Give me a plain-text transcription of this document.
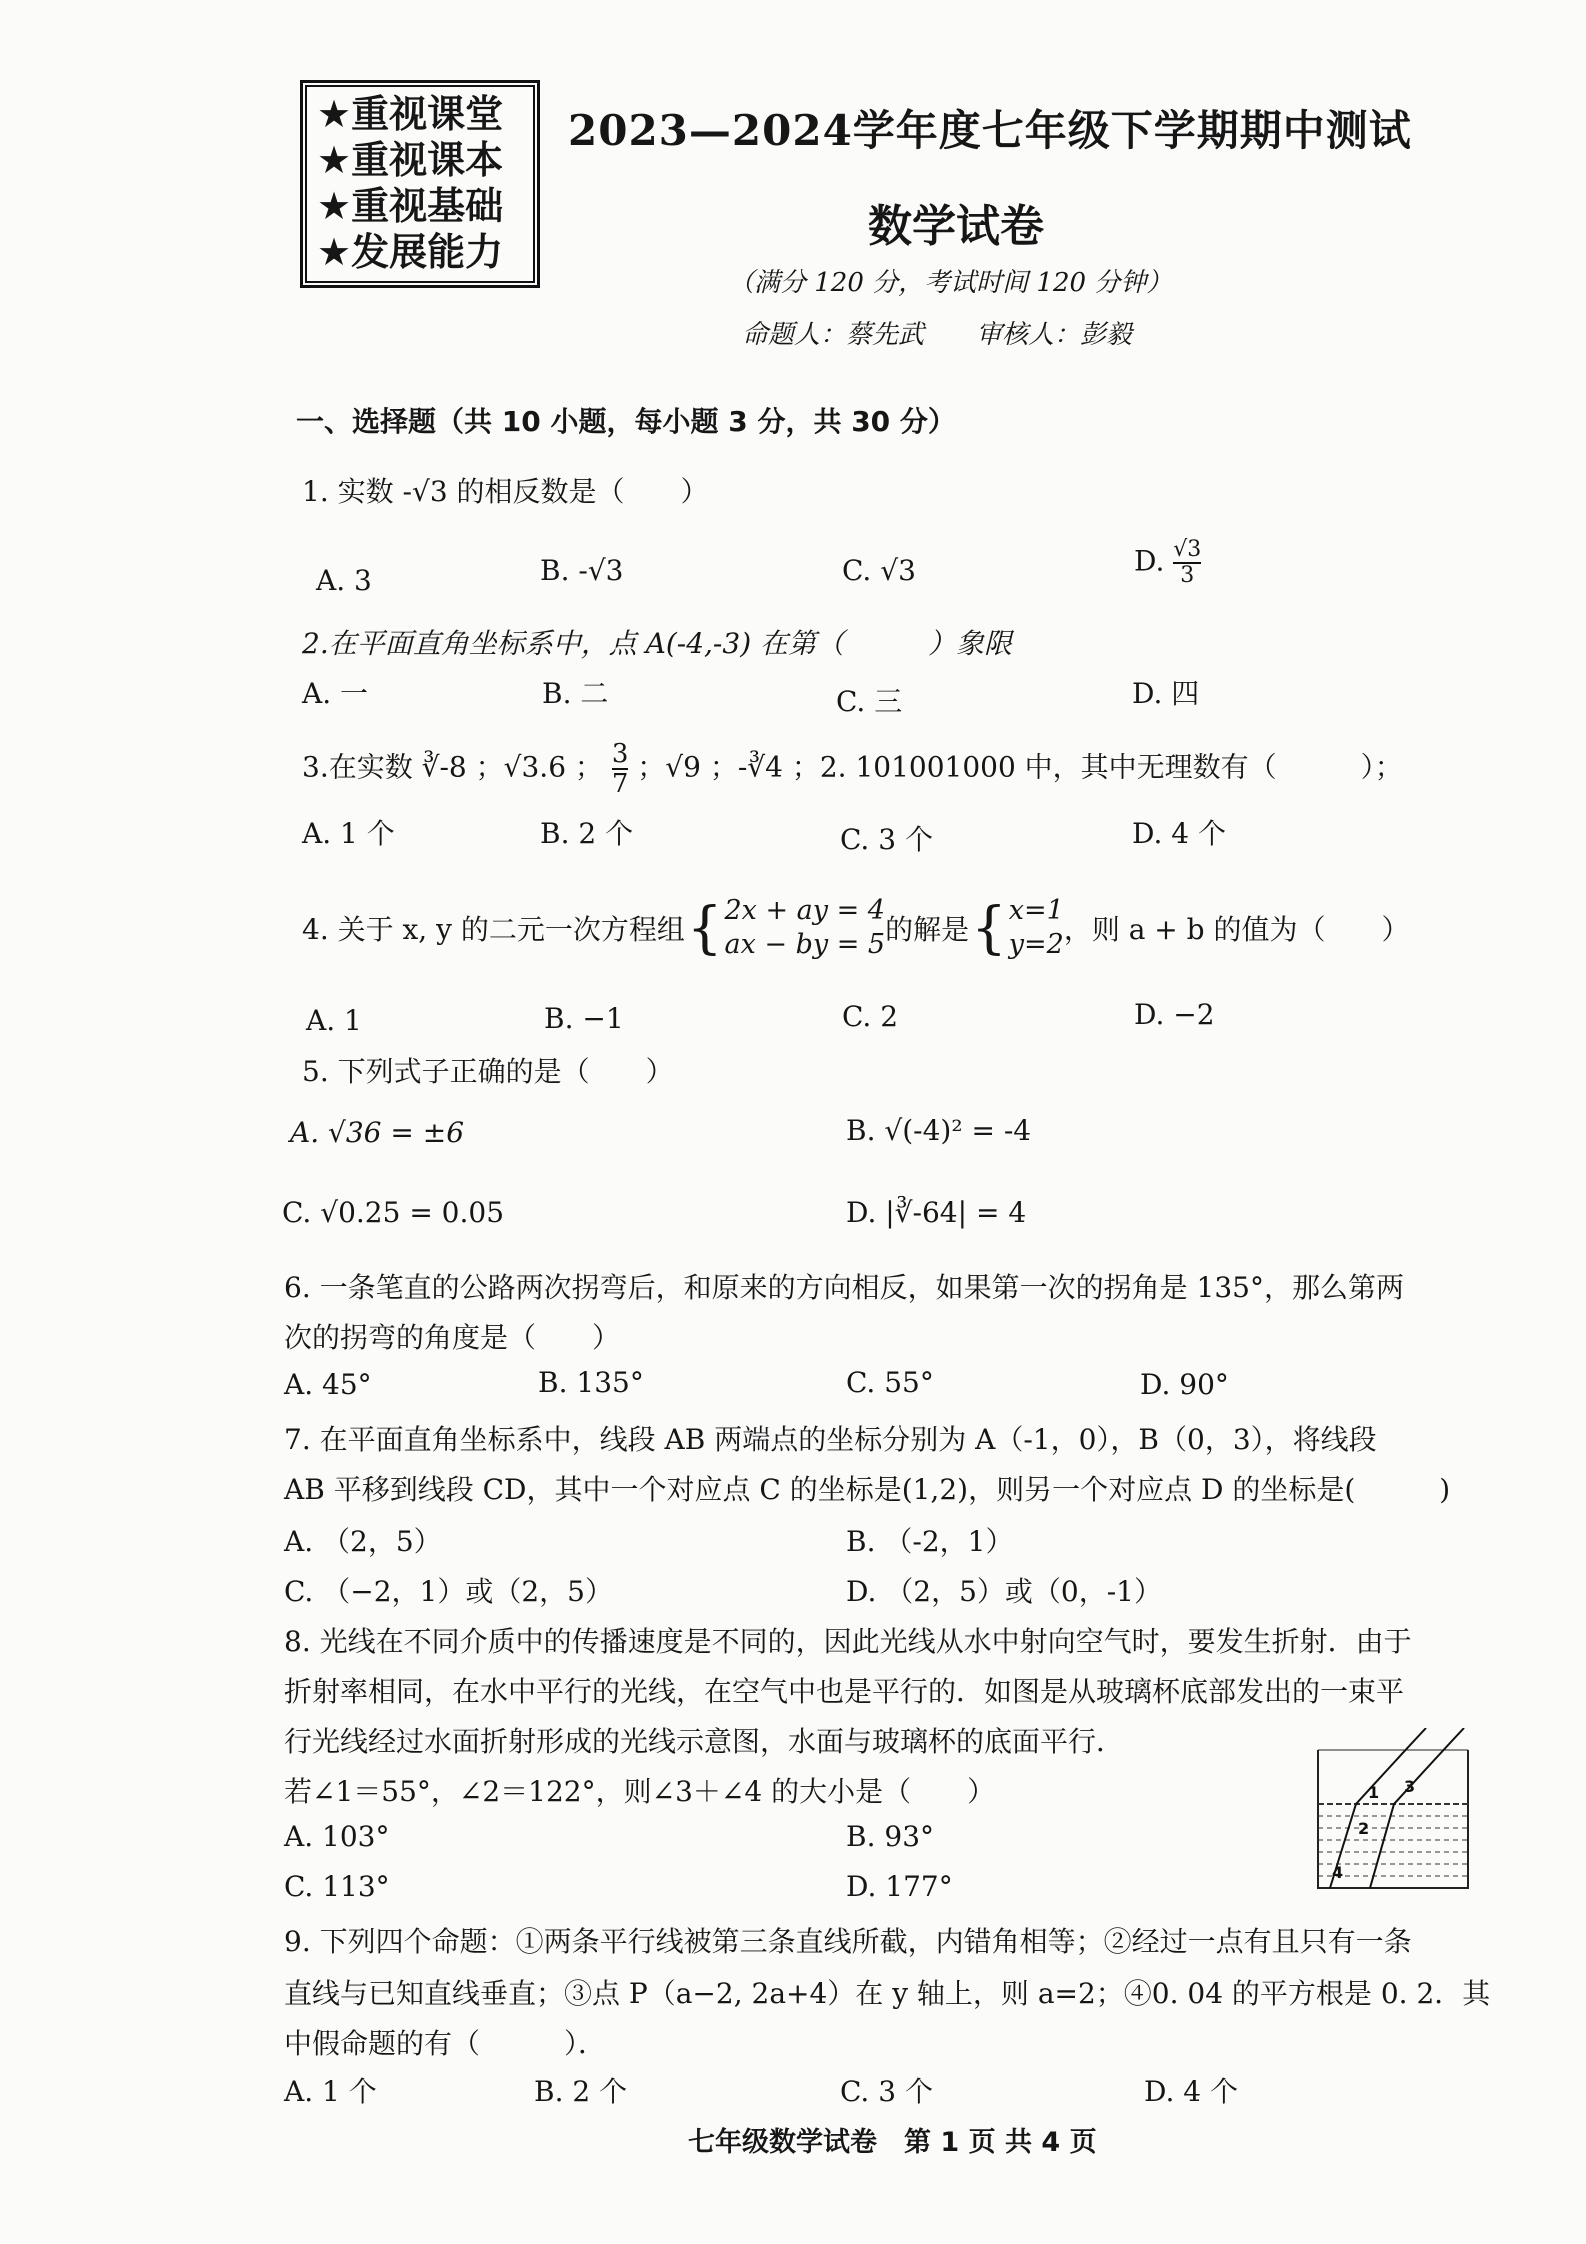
★重视课堂
★重视课本
★重视基础
★发展能力
2023—2024学年度七年级下学期期中测试
数学试卷
（满分 120 分，考试时间 120 分钟）
命题人：蔡先武　　审核人：彭毅
一、选择题（共 10 小题，每小题 3 分，共 30 分）
1. 实数 -√3 的相反数是（　　）
A. 3	B. -√3	C. √3	D. $\frac{√3}{3}$
2.在平面直角坐标系中，点 A(-4,-3) 在第（　　　）象限
A. 一	B. 二	C. 三	D. 四
3.在实数 ∛-8 ；√3.6 ； $\frac{3}{7}$ ；√9 ；-∛4 ；2. 101001000 中，其中无理数有（　　　）；
A. 1 个	B. 2 个	C. 3 个	D. 4 个
4. 关于 x, y 的二元一次方程组 { 2x + ay = 4
ax − by = 5 的解是 { x=1
y=2 ，则 a + b 的值为（　　）
A. 1	B. −1	C. 2	D. −2
5. 下列式子正确的是（　　）
A. √36 = ±6	B. √(-4)² = -4
C. √0.25 = 0.05	D. |∛-64| = 4
6. 一条笔直的公路两次拐弯后，和原来的方向相反，如果第一次的拐角是 135°，那么第两
次的拐弯的角度是（　　）
A. 45°	B. 135°	C. 55°	D. 90°
7. 在平面直角坐标系中，线段 AB 两端点的坐标分别为 A（-1，0），B（0，3），将线段
AB 平移到线段 CD，其中一个对应点 C 的坐标是(1,2)，则另一个对应点 D 的坐标是(　　　)
A. （2，5）	B. （-2，1）
C. （−2，1）或（2，5）	D. （2，5）或（0，-1）
8. 光线在不同介质中的传播速度是不同的，因此光线从水中射向空气时，要发生折射．由于
折射率相同，在水中平行的光线，在空气中也是平行的．如图是从玻璃杯底部发出的一束平
行光线经过水面折射形成的光线示意图，水面与玻璃杯的底面平行．
若∠1＝55°，∠2＝122°，则∠3＋∠4 的大小是（　　）
A. 103°	B. 93°
C. 113°	D. 177°
1
2
3
4
9. 下列四个命题：①两条平行线被第三条直线所截，内错角相等；②经过一点有且只有一条
直线与已知直线垂直；③点 P（a−2, 2a+4）在 y 轴上，则 a=2；④0. 04 的平方根是 0. 2．其
中假命题的有（　　　）．
A. 1 个	B. 2 个	C. 3 个	D. 4 个
七年级数学试卷　第 1 页 共 4 页
